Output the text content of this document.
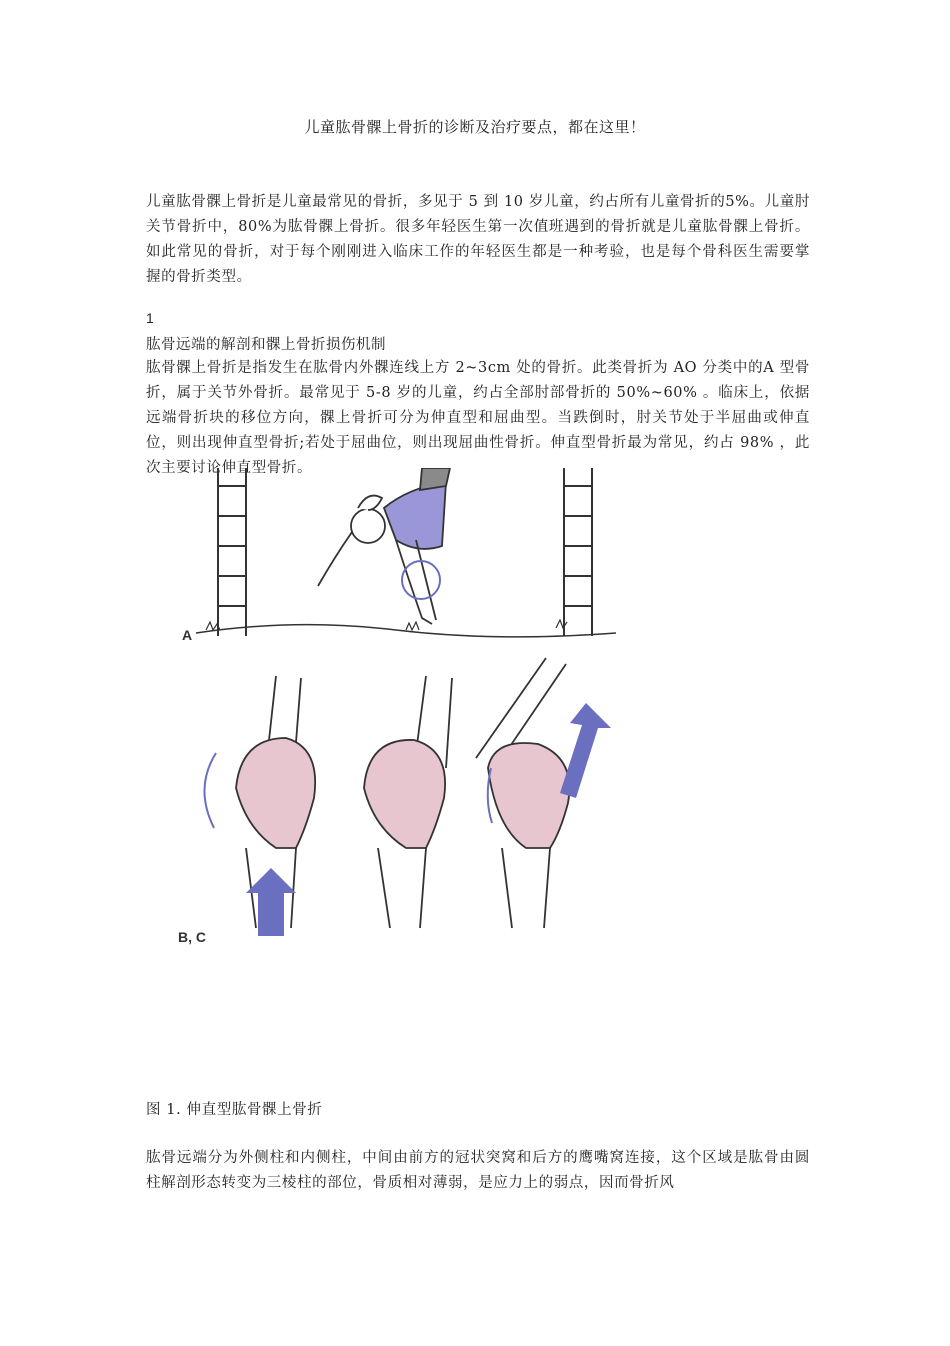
儿童肱骨髁上骨折的诊断及治疗要点，都在这里！

儿童肱骨髁上骨折是儿童最常见的骨折，多见于 5 到 10 岁儿童，约占所有儿童骨折的5%。儿童肘关节骨折中，80%为肱骨髁上骨折。很多年轻医生第一次值班遇到的骨折就是儿童肱骨髁上骨折。如此常见的骨折，对于每个刚刚进入临床工作的年轻医生都是一种考验，也是每个骨科医生需要掌握的骨折类型。

1
肱骨远端的解剖和髁上骨折损伤机制

肱骨髁上骨折是指发生在肱骨内外髁连线上方 2~3cm 处的骨折。此类骨折为 AO 分类中的A 型骨折，属于关节外骨折。最常见于 5-8 岁的儿童，约占全部肘部骨折的 50%~60% 。临床上，依据远端骨折块的移位方向，髁上骨折可分为伸直型和屈曲型。当跌倒时，肘关节处于半屈曲或伸直位，则出现伸直型骨折;若处于屈曲位，则出现屈曲性骨折。伸直型骨折最为常见，约占 98% ，此次主要讨论伸直型骨折。

A
B, C
图 1. 伸直型肱骨髁上骨折

肱骨远端分为外侧柱和内侧柱，中间由前方的冠状突窝和后方的鹰嘴窝连接，这个区域是肱骨由圆柱解剖形态转变为三棱柱的部位，骨质相对薄弱，是应力上的弱点，因而骨折风
